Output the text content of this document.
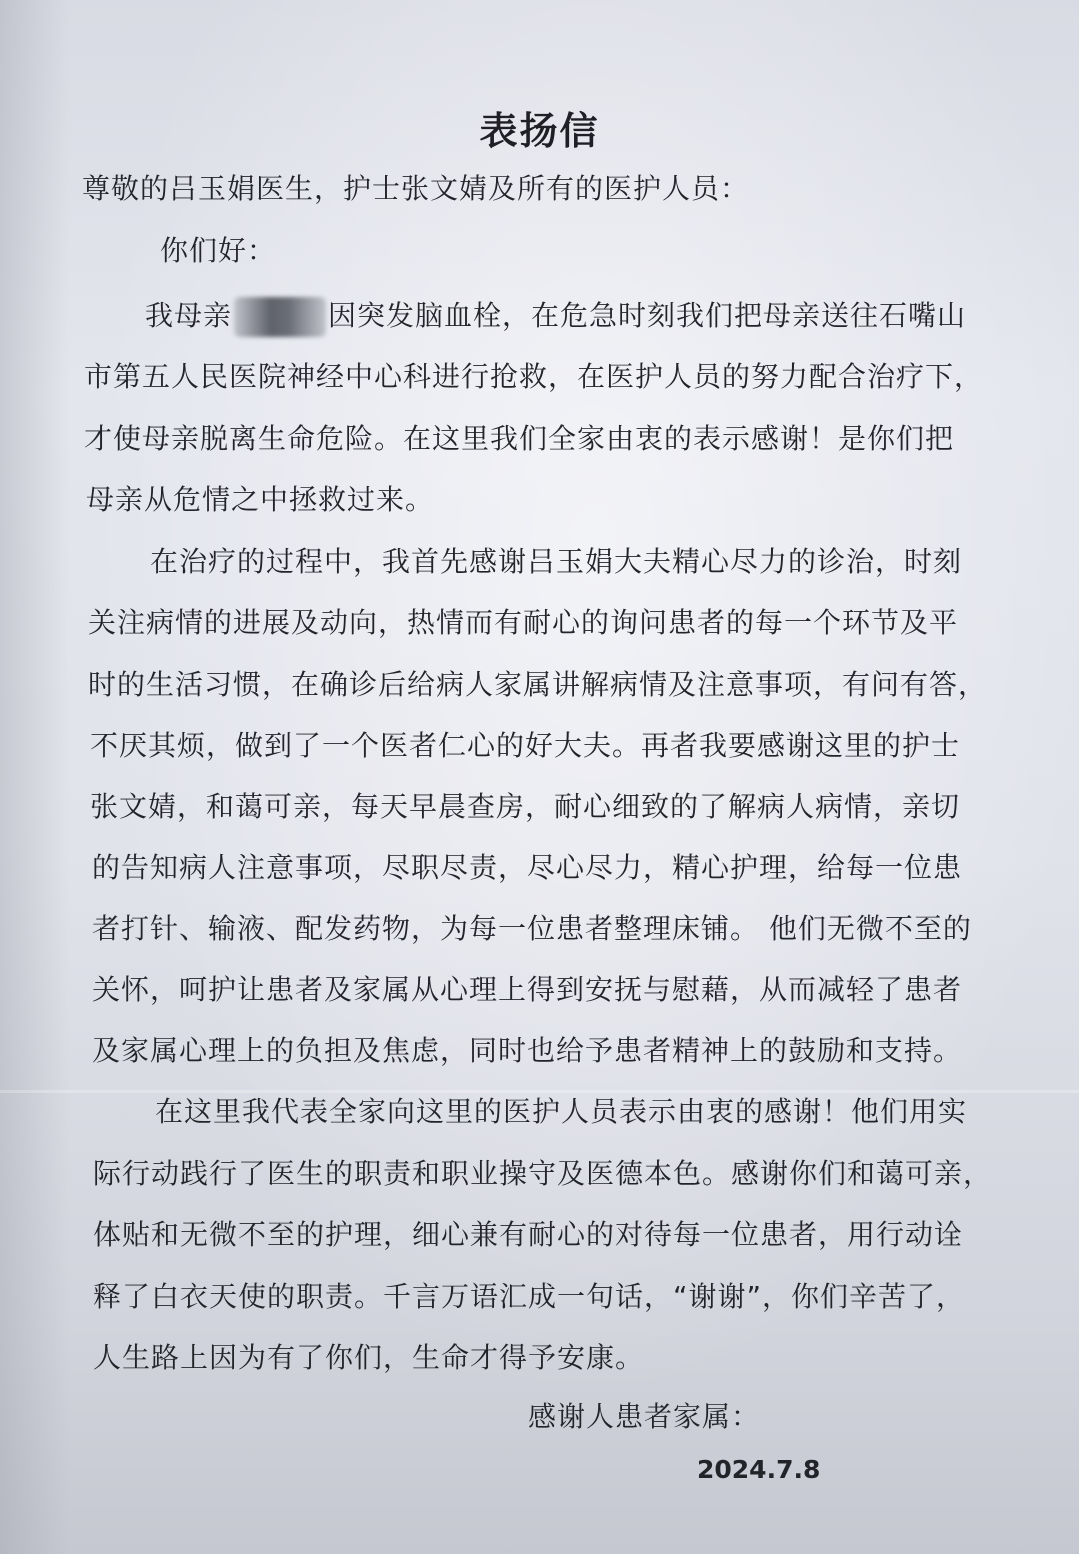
表扬信
尊敬的吕玉娟医生，护士张文婧及所有的医护人员：
你们好：
我母亲	因突发脑血栓，在危急时刻我们把母亲送往石嘴山
市第五人民医院神经中心科进行抢救，在医护人员的努力配合治疗下，
才使母亲脱离生命危险。在这里我们全家由衷的表示感谢！是你们把
母亲从危情之中拯救过来。
在治疗的过程中，我首先感谢吕玉娟大夫精心尽力的诊治，时刻
关注病情的进展及动向，热情而有耐心的询问患者的每一个环节及平
时的生活习惯，在确诊后给病人家属讲解病情及注意事项，有问有答，
不厌其烦，做到了一个医者仁心的好大夫。再者我要感谢这里的护士
张文婧，和蔼可亲，每天早晨查房，耐心细致的了解病人病情，亲切
的告知病人注意事项，尽职尽责，尽心尽力，精心护理，给每一位患
者打针、输液、配发药物，为每一位患者整理床铺。 他们无微不至的
关怀，呵护让患者及家属从心理上得到安抚与慰藉，从而减轻了患者
及家属心理上的负担及焦虑，同时也给予患者精神上的鼓励和支持。
在这里我代表全家向这里的医护人员表示由衷的感谢！他们用实
际行动践行了医生的职责和职业操守及医德本色。感谢你们和蔼可亲，
体贴和无微不至的护理，细心兼有耐心的对待每一位患者，用行动诠
释了白衣天使的职责。千言万语汇成一句话，“谢谢”，你们辛苦了，
人生路上因为有了你们，生命才得予安康。
感谢人患者家属：
2024.7.8
